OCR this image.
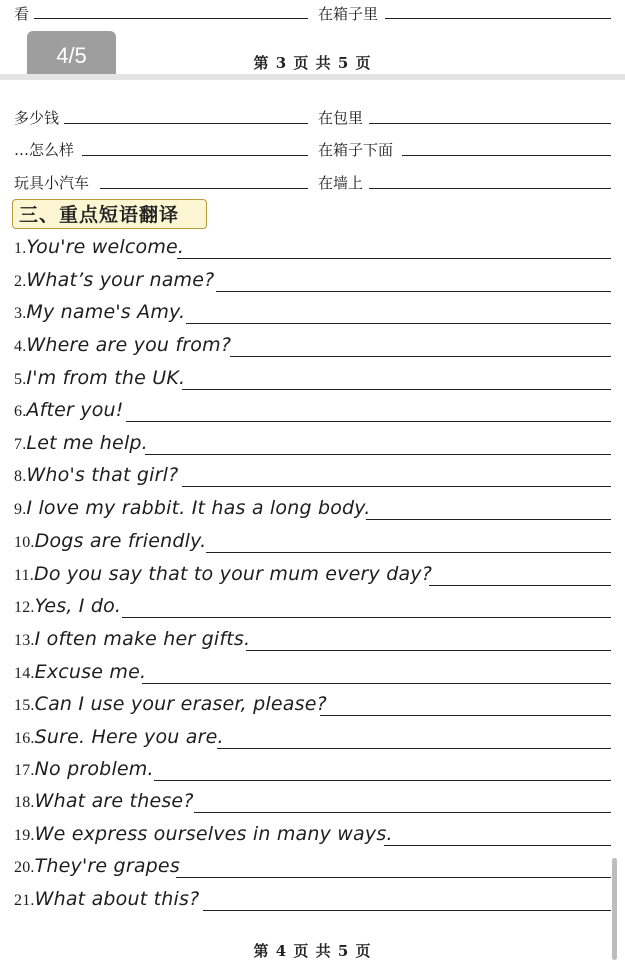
看	在箱子里
4/5	第 3 页 共 5 页
多少钱	在包里
…怎么样	在箱子下面
玩具小汽车	在墙上
三、重点短语翻译
1.You're welcome.
2.What’s your name?
3.My name's Amy.
4.Where are you from?
5.I'm from the UK.
6.After you!
7.Let me help.
8.Who's that girl?
9.I love my rabbit. It has a long body.
10.Dogs are friendly.
11.Do you say that to your mum every day?
12.Yes, I do.
13.I often make her gifts.
14.Excuse me.
15.Can I use your eraser, please?
16.Sure. Here you are.
17.No problem.
18.What are these?
19.We express ourselves in many ways.
20.They're grapes
21.What about this?
第 4 页 共 5 页
